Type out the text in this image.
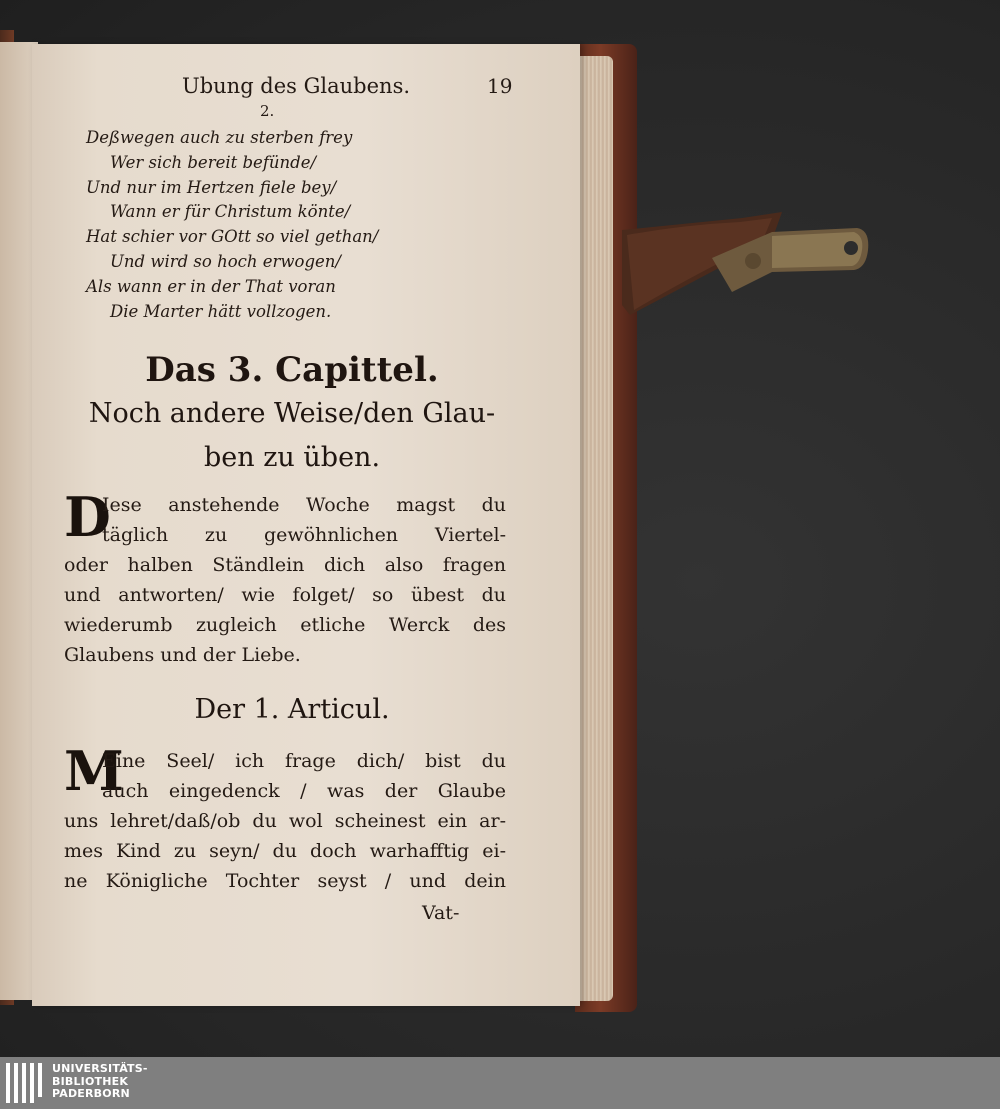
Ubung des Glaubens.	19
2.
Deßwegen auch zu sterben frey
Wer sich bereit befünde/
Und nur im Hertzen fiele bey/
Wann er für Christum könte/
Hat schier vor GOtt so viel gethan/
Und wird so hoch erwogen/
Als wann er in der That voran
Die Marter hätt vollzogen.
Das 3. Capittel.
Noch andere Weise/den Glau-
ben zu üben.
D

Iese anstehende Woche magst du
täglich zu gewöhnlichen Viertel-
oder halben Ständlein dich also fragen
und antworten/ wie folget/ so übest du
wiederumb zugleich etliche Werck des
Glaubens und der Liebe.

Der 1. Articul.
M

Eine Seel/ ich frage dich/ bist du
auch eingedenck / was der Glaube
uns lehret/daß/ob du wol scheinest ein ar-
mes Kind zu seyn/ du doch warhafftig ei-
ne Königliche Tochter seyst / und dein

Vat-
UNIVERSITÄTS-
BIBLIOTHEK
PADERBORN
